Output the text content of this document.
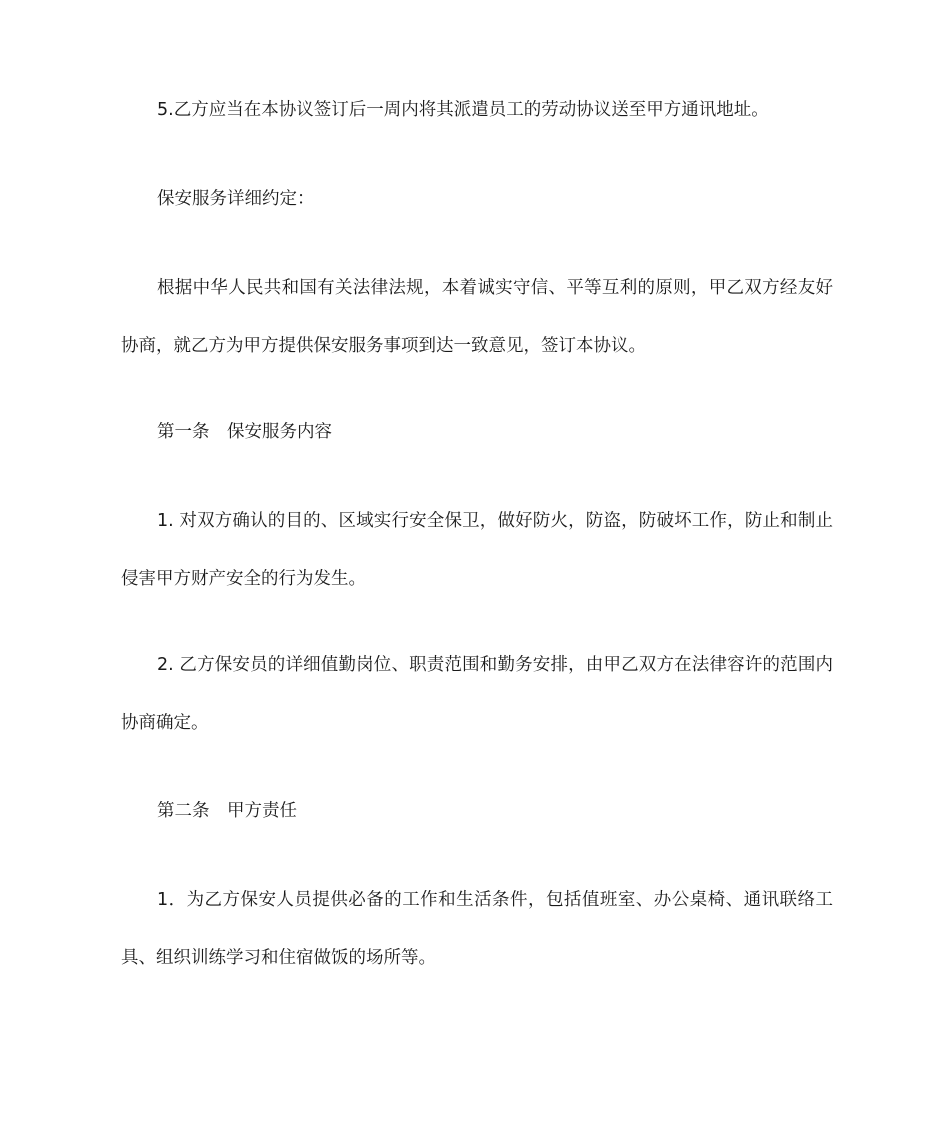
5.乙方应当在本协议签订后一周内将其派遣员工的劳动协议送至甲方通讯地址。

保安服务详细约定：

根据中华人民共和国有关法律法规，本着诚实守信、平等互利的原则，甲乙双方经友好协商，就乙方为甲方提供保安服务事项到达一致意见，签订本协议。

第一条　保安服务内容

1. 对双方确认的目的、区域实行安全保卫，做好防火，防盗，防破坏工作，防止和制止侵害甲方财产安全的行为发生。

2. 乙方保安员的详细值勤岗位、职责范围和勤务安排，由甲乙双方在法律容许的范围内协商确定。

第二条　甲方责任

1．为乙方保安人员提供必备的工作和生活条件，包括值班室、办公桌椅、通讯联络工具、组织训练学习和住宿做饭的场所等。
